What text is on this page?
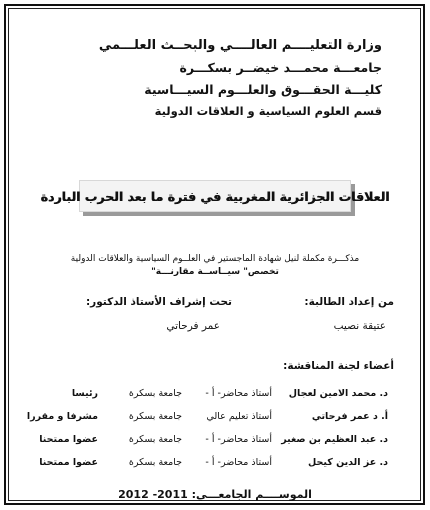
وزارة التعليــــم العالــــي والبحــث العلـــمي
جامعـــة محمـــد خيضــر بسكـــرة
كليـــة الحقـــوق والعلـــوم السيـــاسية
قسم العلوم السياسية و العلاقات الدولية
العلاقات الجزائرية المغربية في فترة ما بعد الحرب الباردة
مذكـــرة مكملة لنيل شهادة الماجستير في العلــوم السياسية والعلاقات الدولية
تخصص" سيــاســة مقارنـــة"
من إعداد الطالبة:
تحت إشراف الأستاذ الدكتور:
عتيقة نصيب
عمر فرحاتي
أعضاء لجنة المناقشة:
د. محمد الامين لعجال
أستاذ محاضر- أ -
جامعة بسكرة
رئيسا
أ. د عمر فرحاتي
أستاذ تعليم عالي
جامعة بسكرة
مشرفا و مقررا
د. عبد العظيم بن صغير
أستاذ محاضر- أ -
جامعة بسكرة
عضوا ممتحنا
د. عز الدين كيحل
أستاذ محاضر- أ -
جامعة بسكرة
عضوا ممتحنا
الموســــم الجامعـــي: 2011- 2012
